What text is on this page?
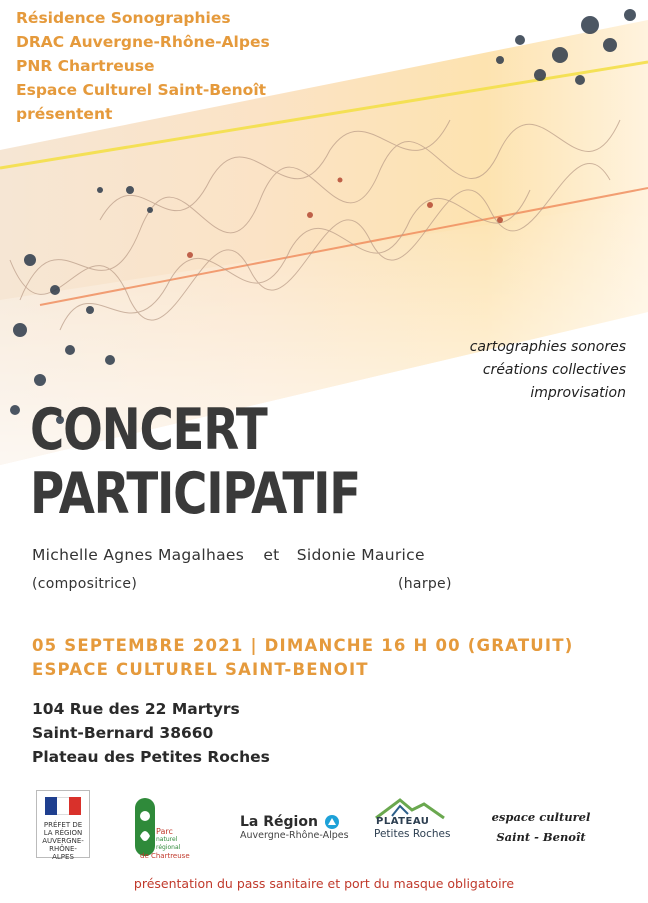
Résidence Sonographies
DRAC Auvergne-Rhône-Alpes
PNR Chartreuse
Espace Culturel Saint-Benoît
présentent
cartographies sonores
créations collectives
improvisation
CONCERT
PARTICIPATIF
Michelle Agnes Magalhaes et Sidonie Maurice
(compositrice)	(harpe)
05 SEPTEMBRE 2021 | DIMANCHE 16 H 00 (GRATUIT)
ESPACE CULTUREL SAINT-BENOIT
104 Rue des 22 Martyrs
Saint-Bernard 38660
Plateau des Petites Roches
PRÉFET DE LA RÉGION AUVERGNE-RHÔNE-ALPES
Parc
naturel
régional
de Chartreuse
La Région
Auvergne-Rhône-Alpes
PLATEAU
Petites Roches
espace culturel
Saint - Benoît
présentation du pass sanitaire et port du masque obligatoire
